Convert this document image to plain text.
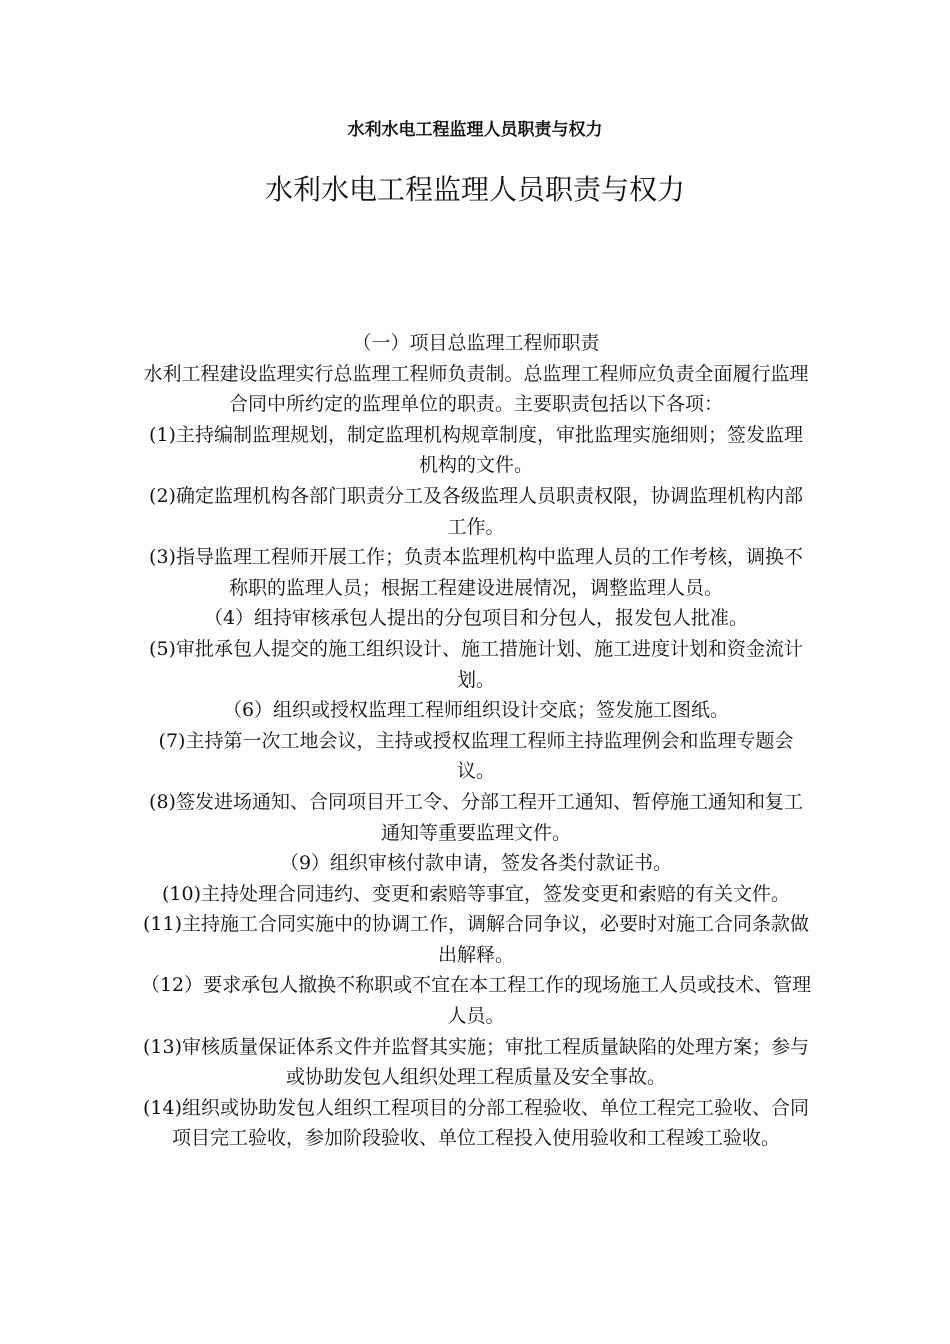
水利水电工程监理人员职责与权力
水利水电工程监理人员职责与权力

（一）项目总监理工程师职责

水利工程建设监理实行总监理工程师负责制。总监理工程师应负责全面履行监理合同中所约定的监理单位的职责。主要职责包括以下各项：

(1)主持编制监理规划，制定监理机构规章制度，审批监理实施细则；签发监理机构的文件。

(2)确定监理机构各部门职责分工及各级监理人员职责权限，协调监理机构内部工作。

(3)指导监理工程师开展工作；负责本监理机构中监理人员的工作考核，调换不称职的监理人员；根据工程建设进展情况，调整监理人员。

（4）组持审核承包人提出的分包项目和分包人，报发包人批准。

(5)审批承包人提交的施工组织设计、施工措施计划、施工进度计划和资金流计划。

（6）组织或授权监理工程师组织设计交底；签发施工图纸。

(7)主持第一次工地会议，主持或授权监理工程师主持监理例会和监理专题会议。

(8)签发进场通知、合同项目开工令、分部工程开工通知、暂停施工通知和复工通知等重要监理文件。

（9）组织审核付款申请，签发各类付款证书。

(10)主持处理合同违约、变更和索赔等事宜，签发变更和索赔的有关文件。

(11)主持施工合同实施中的协调工作，调解合同争议，必要时对施工合同条款做出解释。

（12）要求承包人撤换不称职或不宜在本工程工作的现场施工人员或技术、管理人员。

(13)审核质量保证体系文件并监督其实施；审批工程质量缺陷的处理方案；参与或协助发包人组织处理工程质量及安全事故。

(14)组织或协助发包人组织工程项目的分部工程验收、单位工程完工验收、合同项目完工验收，参加阶段验收、单位工程投入使用验收和工程竣工验收。
